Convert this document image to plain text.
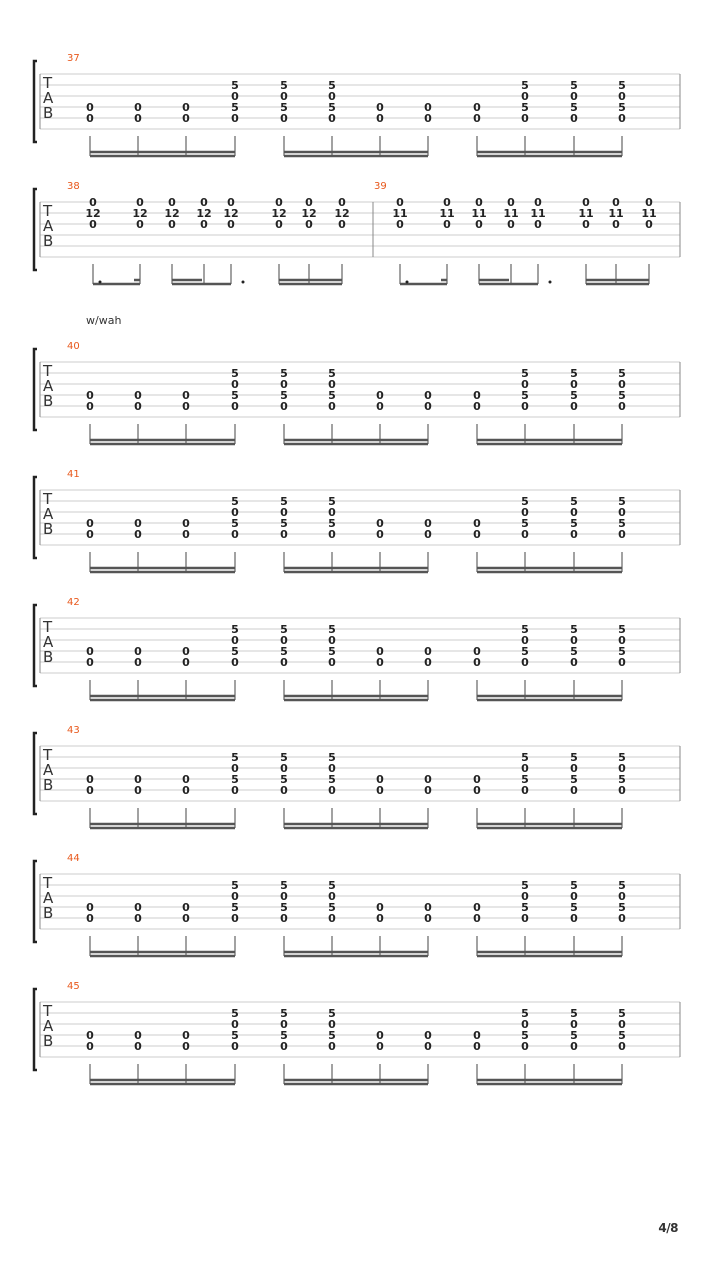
T
A
B
37
0
0
0
0
0
0
5
0
5
0
5
0
5
0
5
0
5
0
0
0
0
0
0
0
5
0
5
0
5
0
5
0
5
0
5
0
T
A
B
38	39
0
12
0
0
12
0
0
12
0
0
12
0
0
12
0
0
12
0
0
12
0
0
12
0
0
11
0
0
11
0
0
11
0
0
11
0
0
11
0
0
11
0
0
11
0
0
11
0
T
A
B
40
0
0
0
0
0
0
5
0
5
0
5
0
5
0
5
0
5
0
0
0
0
0
0
0
5
0
5
0
5
0
5
0
5
0
5
0
w/wah
T
A
B
41
0
0
0
0
0
0
5
0
5
0
5
0
5
0
5
0
5
0
0
0
0
0
0
0
5
0
5
0
5
0
5
0
5
0
5
0
T
A
B
42
0
0
0
0
0
0
5
0
5
0
5
0
5
0
5
0
5
0
0
0
0
0
0
0
5
0
5
0
5
0
5
0
5
0
5
0
T
A
B
43
0
0
0
0
0
0
5
0
5
0
5
0
5
0
5
0
5
0
0
0
0
0
0
0
5
0
5
0
5
0
5
0
5
0
5
0
T
A
B
44
0
0
0
0
0
0
5
0
5
0
5
0
5
0
5
0
5
0
0
0
0
0
0
0
5
0
5
0
5
0
5
0
5
0
5
0
T
A
B
45
0
0
0
0
0
0
5
0
5
0
5
0
5
0
5
0
5
0
0
0
0
0
0
0
5
0
5
0
5
0
5
0
5
0
5
0
4/8
